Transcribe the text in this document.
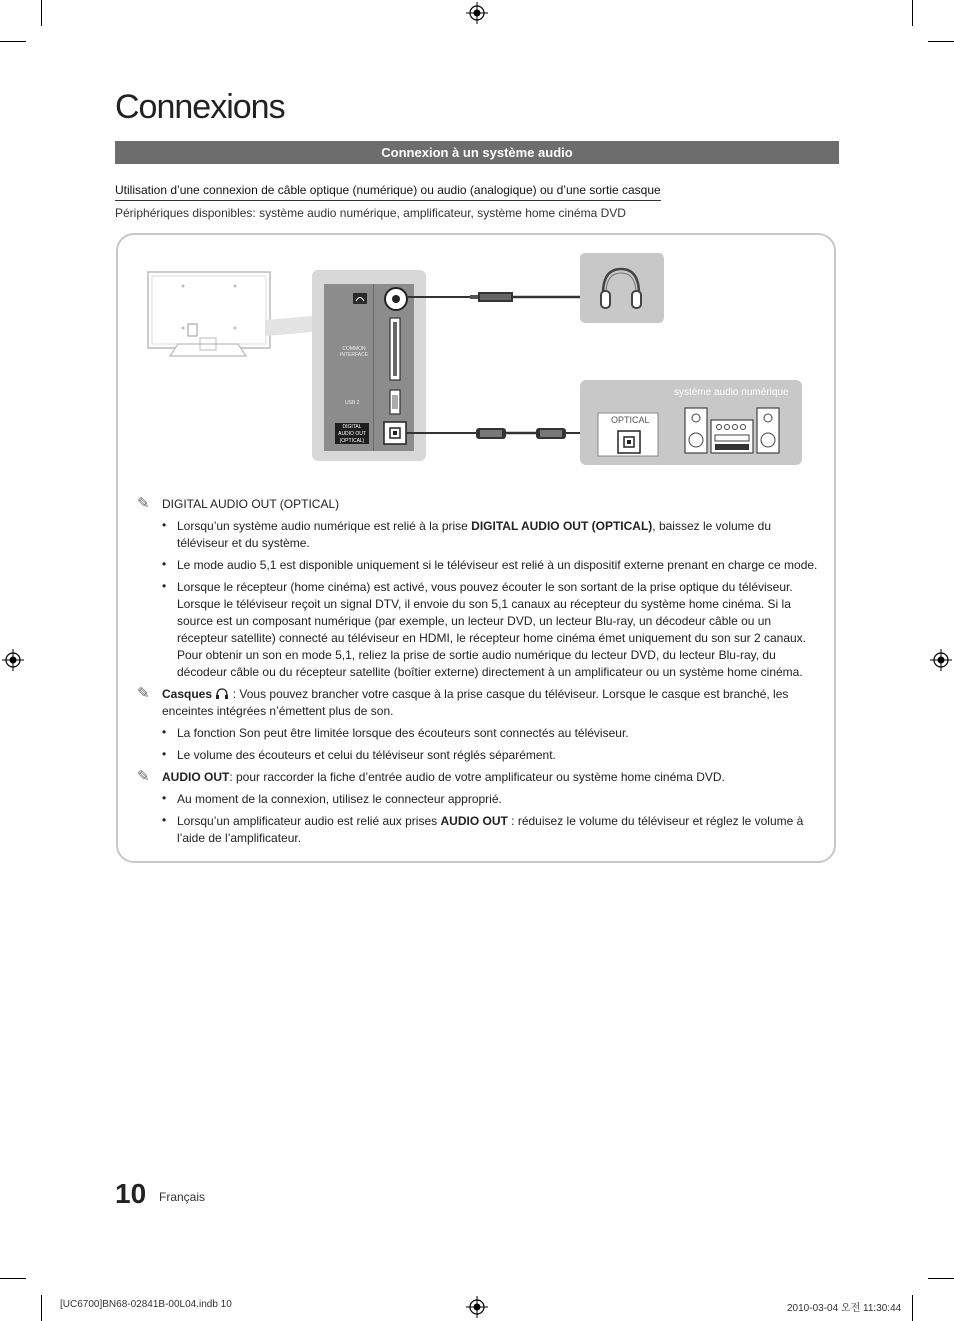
Connexions
Connexion à un système audio
Utilisation d’une connexion de câble optique (numérique) ou audio (analogique) ou d’une sortie casque
Périphériques disponibles: système audio numérique, amplificateur, système home cinéma DVD
COMMON INTERFACE
USB 2
DIGITAL
AUDIO OUT
(OPTICAL)
système audio numérique
OPTICAL
✎ DIGITAL AUDIO OUT (OPTICAL)
• Lorsqu’un système audio numérique est relié à la prise DIGITAL AUDIO OUT (OPTICAL), baissez le volume du téléviseur et du système.
• Le mode audio 5,1 est disponible uniquement si le téléviseur est relié à un dispositif externe prenant en charge ce mode.
• Lorsque le récepteur (home cinéma) est activé, vous pouvez écouter le son sortant de la prise optique du téléviseur. Lorsque le téléviseur reçoit un signal DTV, il envoie du son 5,1 canaux au récepteur du système home cinéma. Si la source est un composant numérique (par exemple, un lecteur DVD, un lecteur Blu-ray, un décodeur câble ou un récepteur satellite) connecté au téléviseur en HDMI, le récepteur home cinéma émet uniquement du son sur 2 canaux. Pour obtenir un son en mode 5,1, reliez la prise de sortie audio numérique du lecteur DVD, du lecteur Blu-ray, du décodeur câble ou du récepteur satellite (boîtier externe) directement à un amplificateur ou un système home cinéma.
✎ Casques  : Vous pouvez brancher votre casque à la prise casque du téléviseur. Lorsque le casque est branché, les enceintes intégrées n’émettent plus de son.
• La fonction Son peut être limitée lorsque des écouteurs sont connectés au téléviseur.
• Le volume des écouteurs et celui du téléviseur sont réglés séparément.
✎ AUDIO OUT: pour raccorder la fiche d’entrée audio de votre amplificateur ou système home cinéma DVD.
• Au moment de la connexion, utilisez le connecteur approprié.
• Lorsqu’un amplificateur audio est relié aux prises AUDIO OUT : réduisez le volume du téléviseur et réglez le volume à l’aide de l’amplificateur.
10 Français
[UC6700]BN68-02841B-00L04.indb 10	2010-03-04 오전 11:30:44
